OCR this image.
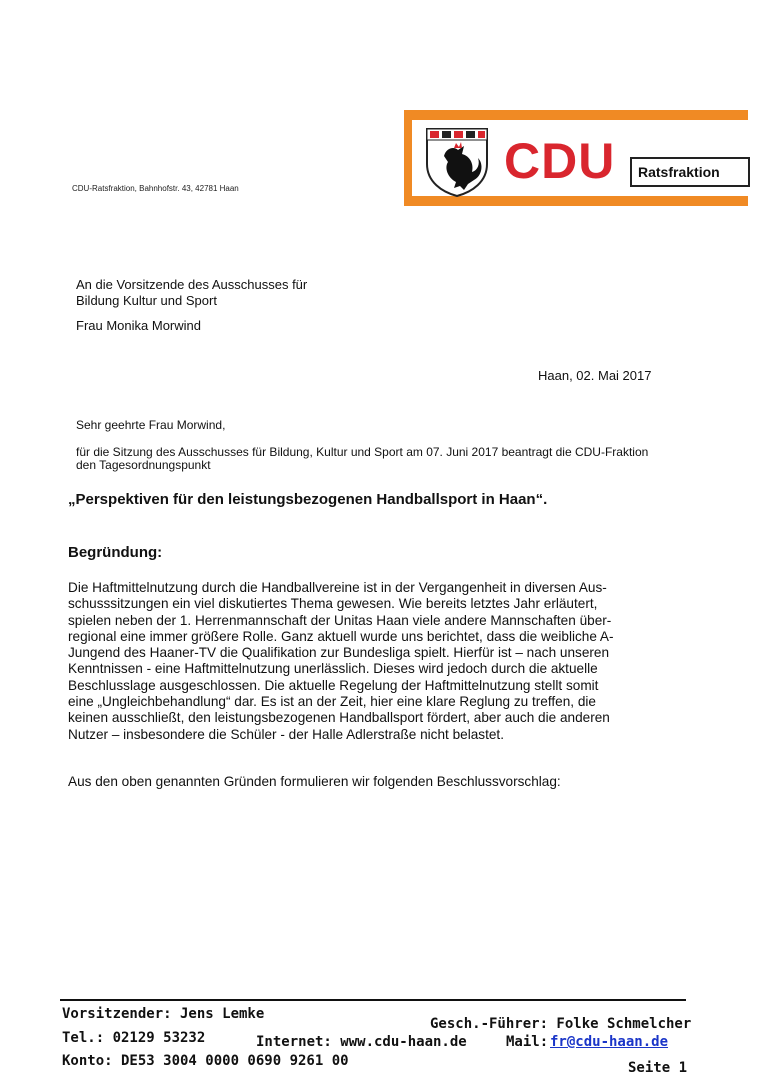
CDU	Ratsfraktion
CDU-Ratsfraktion, Bahnhofstr. 43, 42781 Haan
An die Vorsitzende des Ausschusses für
Bildung Kultur und Sport
Frau Monika Morwind
Haan, 02. Mai 2017
Sehr geehrte Frau Morwind,
für die Sitzung des Ausschusses für Bildung, Kultur und Sport am 07. Juni 2017 beantragt die CDU-Fraktion
den Tagesordnungspunkt
„Perspektiven für den leistungsbezogenen Handballsport in Haan“.
Begründung:
Die Haftmittelnutzung durch die Handballvereine ist in der Vergangenheit in diversen Aus-
schusssitzungen ein viel diskutiertes Thema gewesen. Wie bereits letztes Jahr erläutert,
spielen neben der 1. Herrenmannschaft der Unitas Haan viele andere Mannschaften über-
regional eine immer größere Rolle. Ganz aktuell wurde uns berichtet, dass die weibliche A-
Jungend des Haaner-TV die Qualifikation zur Bundesliga spielt. Hierfür ist – nach unseren
Kenntnissen - eine Haftmittelnutzung unerlässlich. Dieses wird jedoch durch die aktuelle
Beschlusslage ausgeschlossen. Die aktuelle Regelung der Haftmittelnutzung stellt somit
eine „Ungleichbehandlung“ dar. Es ist an der Zeit, hier eine klare Reglung zu treffen, die
keinen ausschließt, den leistungsbezogenen Handballsport fördert, aber auch die anderen
Nutzer – insbesondere die Schüler - der Halle Adlerstraße nicht belastet.
Aus den oben genannten Gründen formulieren wir folgenden Beschlussvorschlag:
Vorsitzender: Jens Lemke
Gesch.-Führer: Folke Schmelcher
Tel.: 02129 53232	Internet: www.cdu-haan.de	Mail: fr@cdu-haan.de
Konto: DE53 3004 0000 0690 9261 00	Seite 1
